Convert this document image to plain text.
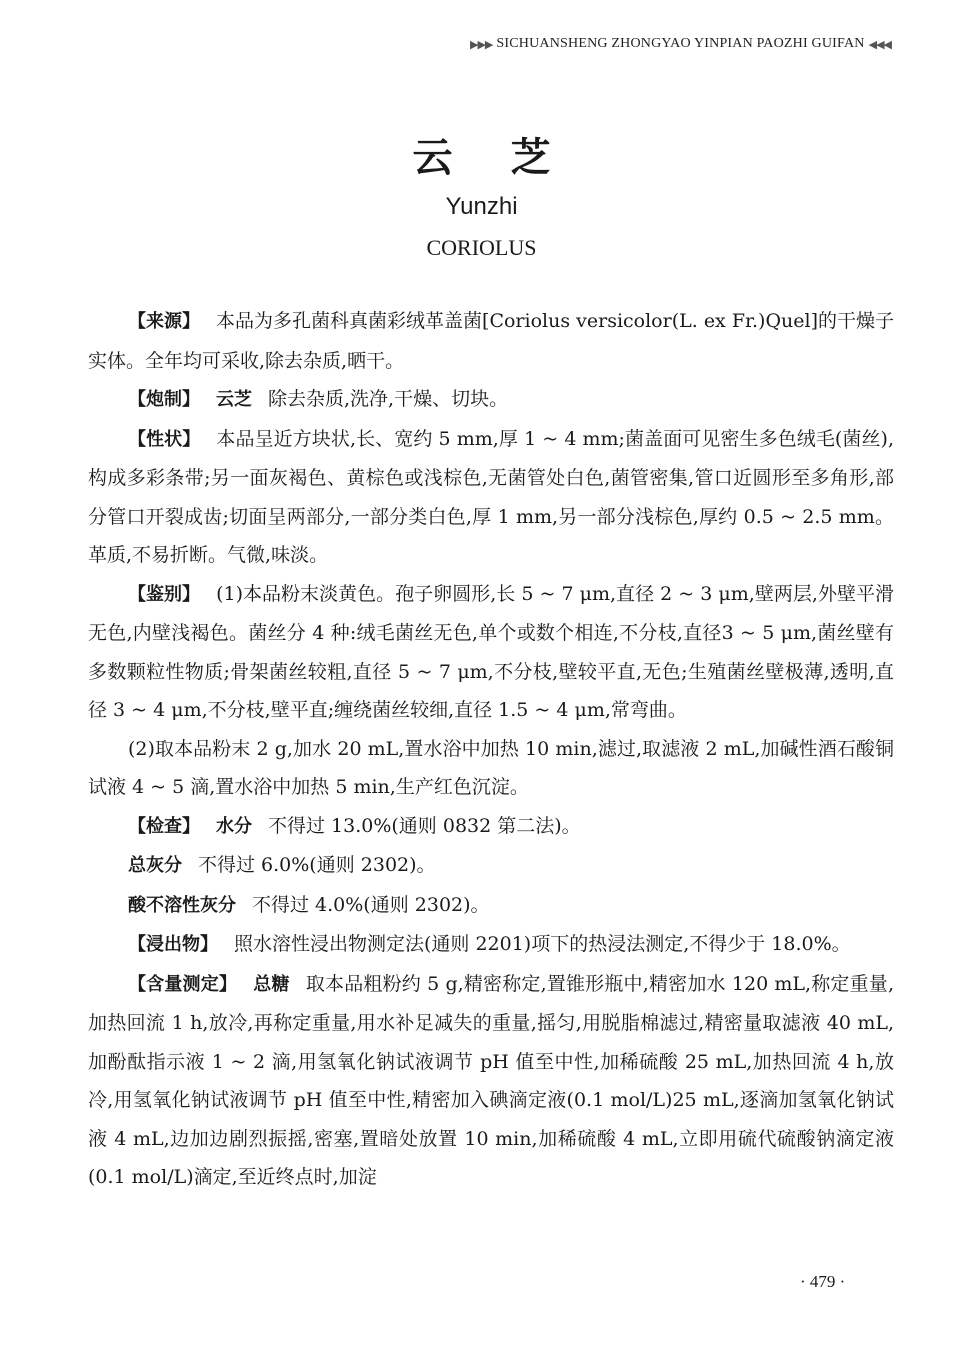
▶▶▶ SICHUANSHENG ZHONGYAO YINPIAN PAOZHI GUIFAN ◀◀◀
云芝
Yunzhi
CORIOLUS

【来源】 本品为多孔菌科真菌彩绒革盖菌[Coriolus versicolor(L. ex Fr.)Quel]的干燥子实体。全年均可采收,除去杂质,晒干。

【炮制】 云芝 除去杂质,洗净,干燥、切块。

【性状】 本品呈近方块状,长、宽约 5 mm,厚 1 ~ 4 mm;菌盖面可见密生多色绒毛(菌丝),构成多彩条带;另一面灰褐色、黄棕色或浅棕色,无菌管处白色,菌管密集,管口近圆形至多角形,部分管口开裂成齿;切面呈两部分,一部分类白色,厚 1 mm,另一部分浅棕色,厚约 0.5 ~ 2.5 mm。革质,不易折断。气微,味淡。

【鉴别】 (1)本品粉末淡黄色。孢子卵圆形,长 5 ~ 7 μm,直径 2 ~ 3 μm,壁两层,外壁平滑无色,内壁浅褐色。菌丝分 4 种:绒毛菌丝无色,单个或数个相连,不分枝,直径3 ~ 5 μm,菌丝壁有多数颗粒性物质;骨架菌丝较粗,直径 5 ~ 7 μm,不分枝,壁较平直,无色;生殖菌丝壁极薄,透明,直径 3 ~ 4 μm,不分枝,壁平直;缠绕菌丝较细,直径 1.5 ~ 4 μm,常弯曲。

(2)取本品粉末 2 g,加水 20 mL,置水浴中加热 10 min,滤过,取滤液 2 mL,加碱性酒石酸铜试液 4 ~ 5 滴,置水浴中加热 5 min,生产红色沉淀。

【检查】 水分 不得过 13.0%(通则 0832 第二法)。

总灰分 不得过 6.0%(通则 2302)。

酸不溶性灰分 不得过 4.0%(通则 2302)。

【浸出物】 照水溶性浸出物测定法(通则 2201)项下的热浸法测定,不得少于 18.0%。

【含量测定】 总糖 取本品粗粉约 5 g,精密称定,置锥形瓶中,精密加水 120 mL,称定重量,加热回流 1 h,放冷,再称定重量,用水补足减失的重量,摇匀,用脱脂棉滤过,精密量取滤液 40 mL,加酚酞指示液 1 ~ 2 滴,用氢氧化钠试液调节 pH 值至中性,加稀硫酸 25 mL,加热回流 4 h,放冷,用氢氧化钠试液调节 pH 值至中性,精密加入碘滴定液(0.1 mol/L)25 mL,逐滴加氢氧化钠试液 4 mL,边加边剧烈振摇,密塞,置暗处放置 10 min,加稀硫酸 4 mL,立即用硫代硫酸钠滴定液(0.1 mol/L)滴定,至近终点时,加淀

· 479 ·
